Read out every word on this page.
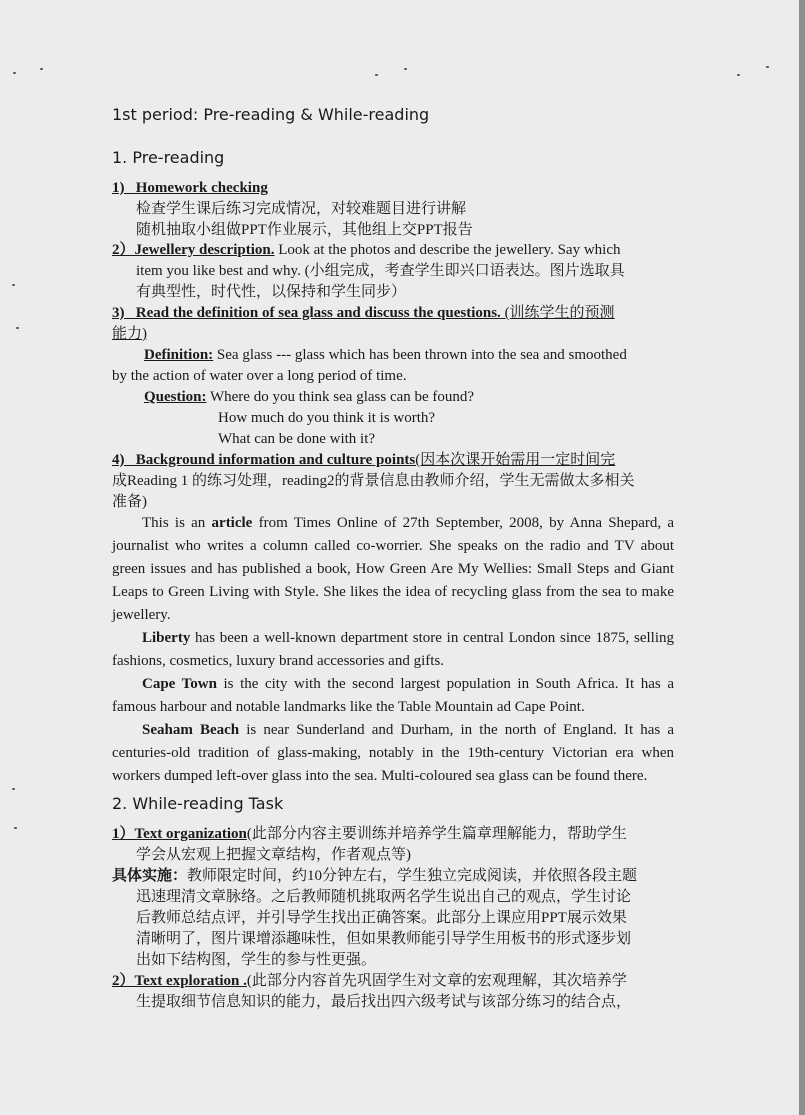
1st period: Pre-reading & While-reading
1. Pre-reading
1)   Homework checking
检查学生课后练习完成情况，对较难题目进行讲解
随机抽取小组做PPT作业展示，其他组上交PPT报告
2）Jewellery description. Look at the photos and describe the jewellery. Say which
item you like best and why. (小组完成，考查学生即兴口语表达。图片选取具
有典型性，时代性，以保持和学生同步）
3)   Read the definition of sea glass and discuss the questions. (训练学生的预测
能力)
Definition: Sea glass --- glass which has been thrown into the sea and smoothed
by the action of water over a long period of time.
Question: Where do you think sea glass can be found?
How much do you think it is worth?
What can be done with it?
4)   Background information and culture points(因本次课开始需用一定时间完
成Reading 1 的练习处理，reading2的背景信息由教师介绍，学生无需做太多相关
准备)

This is an article from Times Online of 27th September, 2008, by Anna Shepard, a journalist who writes a column called co-worrier. She speaks on the radio and TV about green issues and has published a book, How Green Are My Wellies: Small Steps and Giant Leaps to Green Living with Style. She likes the idea of recycling glass from the sea to make jewellery.

Liberty has been a well-known department store in central London since 1875, selling fashions, cosmetics, luxury brand accessories and gifts.

Cape Town is the city with the second largest population in South Africa. It has a famous harbour and notable landmarks like the Table Mountain ad Cape Point.

Seaham Beach is near Sunderland and Durham, in the north of England. It has a centuries-old tradition of glass-making, notably in the 19th-century Victorian era when workers dumped left-over glass into the sea. Multi-coloured sea glass can be found there.

2. While-reading Task
1）Text organization(此部分内容主要训练并培养学生篇章理解能力，帮助学生
学会从宏观上把握文章结构，作者观点等)
具体实施：教师限定时间，约10分钟左右，学生独立完成阅读，并依照各段主题
迅速理清文章脉络。之后教师随机挑取两名学生说出自己的观点，学生讨论
后教师总结点评，并引导学生找出正确答案。此部分上课应用PPT展示效果
清晰明了，图片课增添趣味性，但如果教师能引导学生用板书的形式逐步划
出如下结构图，学生的参与性更强。
2）Text exploration .(此部分内容首先巩固学生对文章的宏观理解，其次培养学
生提取细节信息知识的能力，最后找出四六级考试与该部分练习的结合点，
